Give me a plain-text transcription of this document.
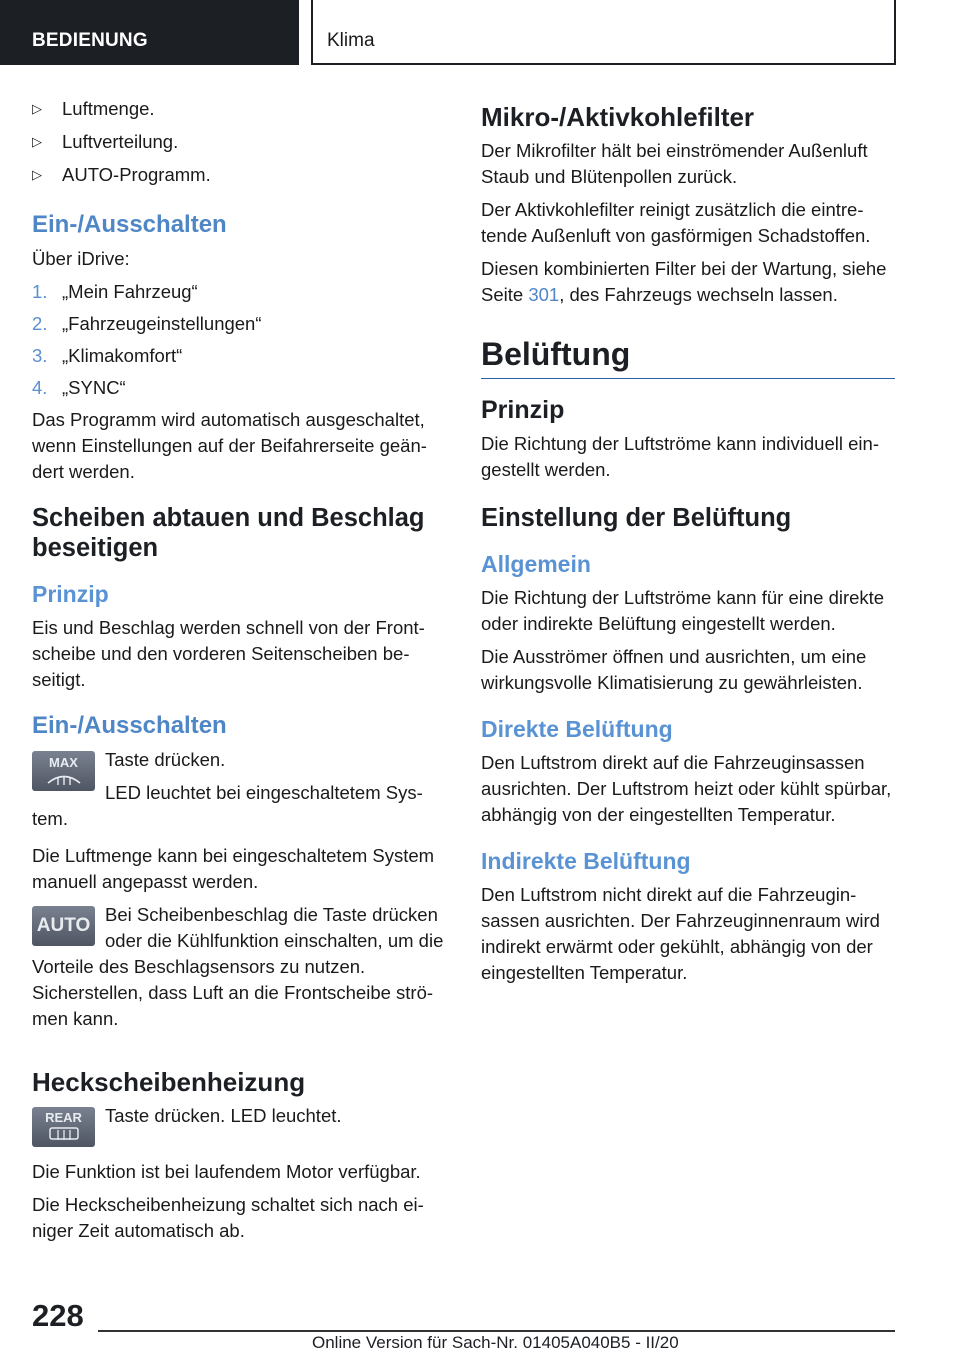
BEDIENUNG	Klima
▷ Luftmenge.
▷ Luftverteilung.
▷ AUTO-Programm.
Ein-/Ausschalten

Über iDrive:

1. „Mein Fahrzeug“
2. „Fahrzeugeinstellungen“
3. „Klimakomfort“
4. „SYNC“

Das Programm wird automatisch ausgeschaltet, wenn Einstellungen auf der Beifahrerseite geändert werden.

Scheiben abtauen und Beschlag beseitigen
Prinzip

Eis und Beschlag werden schnell von der Frontscheibe und den vorderen Seitenscheiben beseitigt.

Ein-/Ausschalten
MAX	Taste drücken.

LED leuchtet bei eingeschaltetem System.

Die Luftmenge kann bei eingeschaltetem System manuell angepasst werden.

AUTO

Bei Scheibenbeschlag die Taste drücken oder die Kühlfunktion einschalten, um die Vorteile des Beschlagsensors zu nutzen. Sicherstellen, dass Luft an die Frontscheibe strömen kann.

Heckscheibenheizung
REAR	Taste drücken. LED leuchtet.

Die Funktion ist bei laufendem Motor verfügbar.

Die Heckscheibenheizung schaltet sich nach einiger Zeit automatisch ab.

Mikro-/Aktivkohlefilter

Der Mikrofilter hält bei einströmender Außenluft Staub und Blütenpollen zurück.

Der Aktivkohlefilter reinigt zusätzlich die eintretende Außenluft von gasförmigen Schadstoffen.

Diesen kombinierten Filter bei der Wartung, siehe Seite 301, des Fahrzeugs wechseln lassen.

Belüftung
Prinzip

Die Richtung der Luftströme kann individuell eingestellt werden.

Einstellung der Belüftung
Allgemein

Die Richtung der Luftströme kann für eine direkte oder indirekte Belüftung eingestellt werden.

Die Ausströmer öffnen und ausrichten, um eine wirkungsvolle Klimatisierung zu gewährleisten.

Direkte Belüftung

Den Luftstrom direkt auf die Fahrzeuginsassen ausrichten. Der Luftstrom heizt oder kühlt spürbar, abhängig von der eingestellten Temperatur.

Indirekte Belüftung

Den Luftstrom nicht direkt auf die Fahrzeuginsassen ausrichten. Der Fahrzeuginnenraum wird indirekt erwärmt oder gekühlt, abhängig von der eingestellten Temperatur.

228
Online Version für Sach-Nr. 01405A040B5 - II/20
